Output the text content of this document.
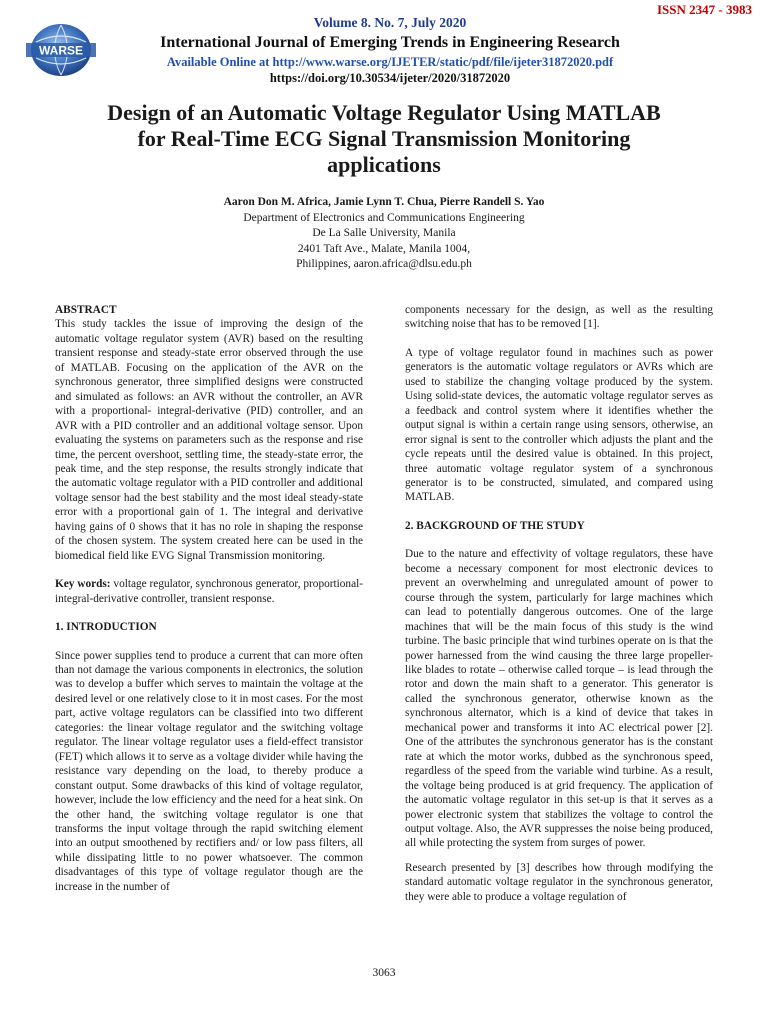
ISSN 2347 - 3983
WARSE
Volume 8. No. 7, July 2020
International Journal of Emerging Trends in Engineering Research
Available Online at http://www.warse.org/IJETER/static/pdf/file/ijeter31872020.pdf
https://doi.org/10.30534/ijeter/2020/31872020
Design of an Automatic Voltage Regulator Using MATLAB
for Real-Time ECG Signal Transmission Monitoring
applications
Aaron Don M. Africa, Jamie Lynn T. Chua, Pierre Randell S. Yao
Department of Electronics and Communications Engineering
De La Salle University, Manila
2401 Taft Ave., Malate, Manila 1004,
Philippines, aaron.africa@dlsu.edu.ph
ABSTRACT

This study tackles the issue of improving the design of the automatic voltage regulator system (AVR) based on the resulting transient response and steady-state error observed through the use of MATLAB. Focusing on the application of the AVR on the synchronous generator, three simplified designs were constructed and simulated as follows: an AVR without the controller, an AVR with a proportional- integral-derivative (PID) controller, and an AVR with a PID controller and an additional voltage sensor. Upon evaluating the systems on parameters such as the response and rise time, the percent overshoot, settling time, the steady-state error, the peak time, and the step response, the results strongly indicate that the automatic voltage regulator with a PID controller and additional voltage sensor had the best stability and the most ideal steady-state error with a proportional gain of 1. The integral and derivative having gains of 0 shows that it has no role in shaping the response of the chosen system. The system created here can be used in the biomedical field like EVG Signal Transmission monitoring.

Key words: voltage regulator, synchronous generator, proportional-integral-derivative controller, transient response.

1. INTRODUCTION

Since power supplies tend to produce a current that can more often than not damage the various components in electronics, the solution was to develop a buffer which serves to maintain the voltage at the desired level or one relatively close to it in most cases. For the most part, active voltage regulators can be classified into two different categories: the linear voltage regulator and the switching voltage regulator. The linear voltage regulator uses a field-effect transistor (FET) which allows it to serve as a voltage divider while having the resistance vary depending on the load, to thereby produce a constant output. Some drawbacks of this kind of voltage regulator, however, include the low efficiency and the need for a heat sink. On the other hand, the switching voltage regulator is one that transforms the input voltage through the rapid switching element into an output smoothened by rectifiers and/ or low pass filters, all while dissipating little to no power whatsoever. The common disadvantages of this type of voltage regulator though are the increase in the number of

components necessary for the design, as well as the resulting switching noise that has to be removed [1].

A type of voltage regulator found in machines such as power generators is the automatic voltage regulators or AVRs which are used to stabilize the changing voltage produced by the system. Using solid-state devices, the automatic voltage regulator serves as a feedback and control system where it identifies whether the output signal is within a certain range using sensors, otherwise, an error signal is sent to the controller which adjusts the plant and the cycle repeats until the desired value is obtained. In this project, three automatic voltage regulator system of a synchronous generator is to be constructed, simulated, and compared using MATLAB.

2. BACKGROUND OF THE STUDY

Due to the nature and effectivity of voltage regulators, these have become a necessary component for most electronic devices to prevent an overwhelming and unregulated amount of power to course through the system, particularly for large machines which can lead to potentially dangerous outcomes. One of the large machines that will be the main focus of this study is the wind turbine. The basic principle that wind turbines operate on is that the power harnessed from the wind causing the three large propeller-like blades to rotate – otherwise called torque – is lead through the rotor and down the main shaft to a generator. This generator is called the synchronous generator, otherwise known as the synchronous alternator, which is a kind of device that takes in mechanical power and transforms it into AC electrical power [2]. One of the attributes the synchronous generator has is the constant rate at which the motor works, dubbed as the synchronous speed, regardless of the speed from the variable wind turbine. As a result, the voltage being produced is at grid frequency. The application of the automatic voltage regulator in this set-up is that it serves as a power electronic system that stabilizes the voltage to control the output voltage. Also, the AVR suppresses the noise being produced, all while protecting the system from surges of power.

Research presented by [3] describes how through modifying the standard automatic voltage regulator in the synchronous generator, they were able to produce a voltage regulation of

3063
